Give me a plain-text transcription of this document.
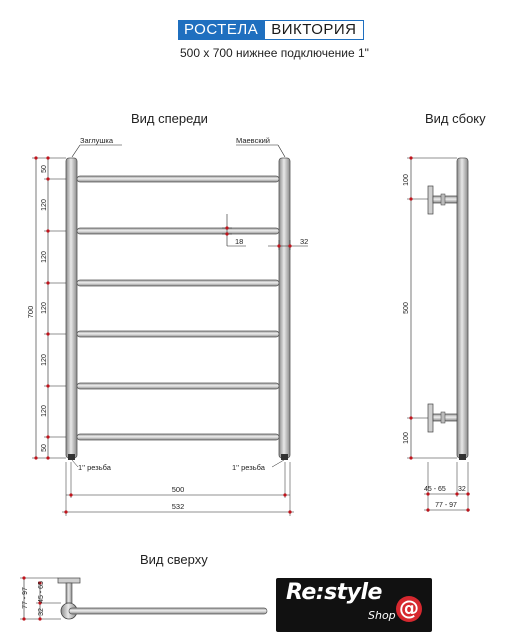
РОСТЕЛА ВИКТОРИЯ
500 x 700 нижнее подключение 1"
Вид спереди	Вид сбоку
Вид сверху
Заглушка	Маевский
700
50
120
120
120
120
120
50
18	32
1'' резьба	1'' резьба
500
532
100
500
100
45 - 65 32
77 - 97
77 - 97
32
45 - 65	Re:style
Shop @
